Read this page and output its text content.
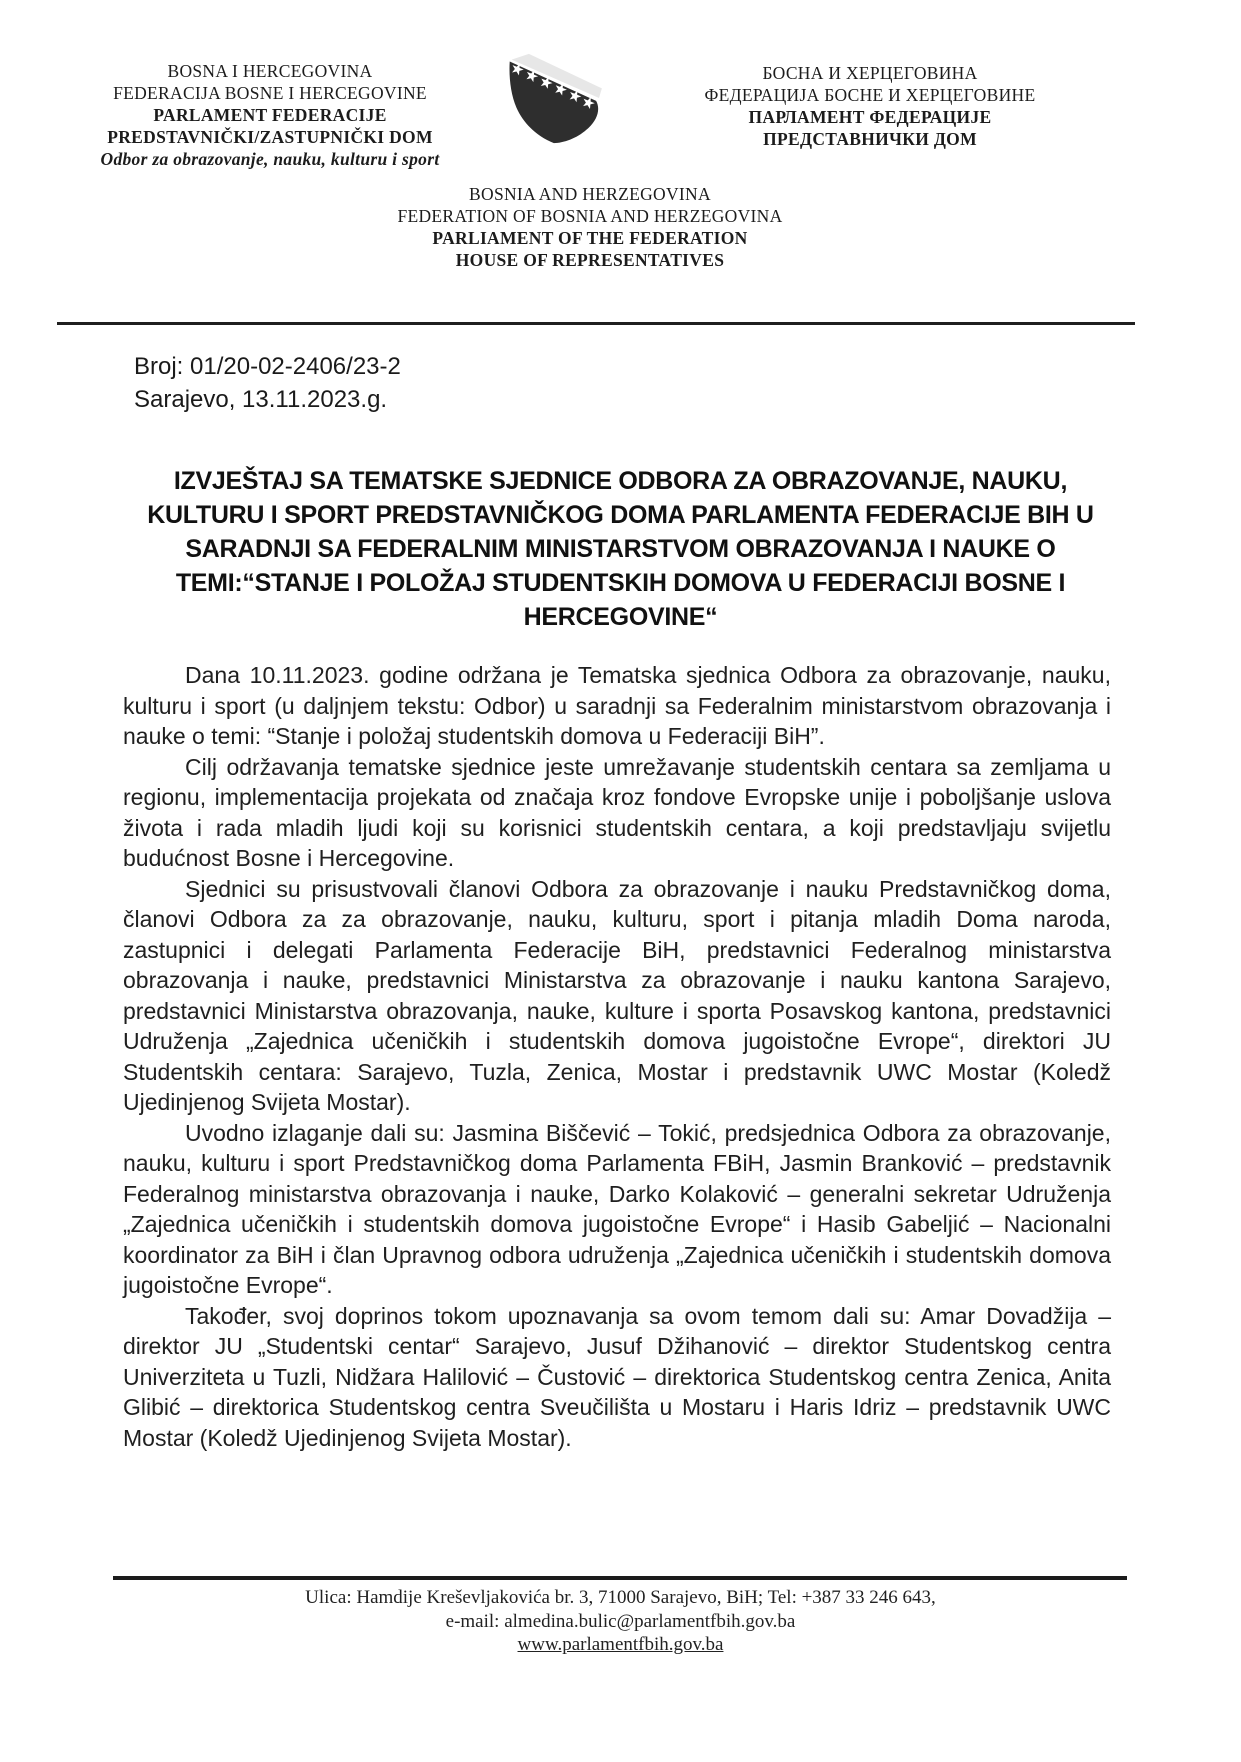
BOSNA I HERCEGOVINA

FEDERACIJA BOSNE I HERCEGOVINE

PARLAMENT FEDERACIJE

PREDSTAVNIČKI/ZASTUPNIČKI DOM

Odbor za obrazovanje, nauku, kulturu i sport

БОСНА И ХЕРЦЕГОВИНА

ФЕДЕРАЦИЈА БОСНЕ И ХЕРЦЕГОВИНЕ

ПАРЛАМЕНТ ФЕДЕРАЦИЈЕ

ПРЕДСТАВНИЧКИ ДОМ

BOSNIA AND HERZEGOVINA

FEDERATION OF BOSNIA AND HERZEGOVINA

PARLIAMENT OF THE FEDERATION

HOUSE OF REPRESENTATIVES

Broj: 01/20-02-2406/23-2

Sarajevo, 13.11.2023.g.

IZVJEŠTAJ SA TEMATSKE SJEDNICE ODBORA ZA OBRAZOVANJE, NAUKU, KULTURU I SPORT PREDSTAVNIČKOG DOMA PARLAMENTA FEDERACIJE BIH U SARADNJI SA FEDERALNIM MINISTARSTVOM OBRAZOVANJA I NAUKE O TEMI:“STANJE I POLOŽAJ STUDENTSKIH DOMOVA U FEDERACIJI BOSNE I HERCEGOVINE“

Dana 10.11.2023. godine održana je Tematska sjednica Odbora za obrazovanje, nauku, kulturu i sport (u daljnjem tekstu: Odbor) u saradnji sa Federalnim ministarstvom obrazovanja i nauke o temi: “Stanje i položaj studentskih domova u Federaciji BiH”.

Cilj održavanja tematske sjednice jeste umrežavanje studentskih centara sa zemljama u regionu, implementacija projekata od značaja kroz fondove Evropske unije i poboljšanje uslova života i rada mladih ljudi koji su korisnici studentskih centara, a koji predstavljaju svijetlu budućnost Bosne i Hercegovine.

Sjednici su prisustvovali članovi Odbora za obrazovanje i nauku Predstavničkog doma, članovi Odbora za za obrazovanje, nauku, kulturu, sport i pitanja mladih Doma naroda, zastupnici i delegati Parlamenta Federacije BiH, predstavnici Federalnog ministarstva obrazovanja i nauke, predstavnici Ministarstva za obrazovanje i nauku kantona Sarajevo, predstavnici Ministarstva obrazovanja, nauke, kulture i sporta Posavskog kantona, predstavnici Udruženja „Zajednica učeničkih i studentskih domova jugoistočne Evrope“, direktori JU Studentskih centara: Sarajevo, Tuzla, Zenica, Mostar i predstavnik UWC Mostar (Koledž Ujedinjenog Svijeta Mostar).

Uvodno izlaganje dali su: Jasmina Biščević – Tokić, predsjednica Odbora za obrazovanje, nauku, kulturu i sport Predstavničkog doma Parlamenta FBiH, Jasmin Branković – predstavnik Federalnog ministarstva obrazovanja i nauke, Darko Kolaković – generalni sekretar Udruženja „Zajednica učeničkih i studentskih domova jugoistočne Evrope“ i Hasib Gabeljić – Nacionalni koordinator za BiH i član Upravnog odbora udruženja „Zajednica učeničkih i studentskih domova jugoistočne Evrope“.

Također, svoj doprinos tokom upoznavanja sa ovom temom dali su: Amar Dovadžija – direktor JU „Studentski centar“ Sarajevo, Jusuf Džihanović – direktor Studentskog centra Univerziteta u Tuzli, Nidžara Halilović – Čustović – direktorica Studentskog centra Zenica, Anita Glibić – direktorica Studentskog centra Sveučilišta u Mostaru i Haris Idriz – predstavnik UWC Mostar (Koledž Ujedinjenog Svijeta Mostar).

Ulica: Hamdije Kreševljakovića br. 3, 71000 Sarajevo, BiH; Tel: +387 33 246 643,

e-mail: almedina.bulic@parlamentfbih.gov.ba

www.parlamentfbih.gov.ba
